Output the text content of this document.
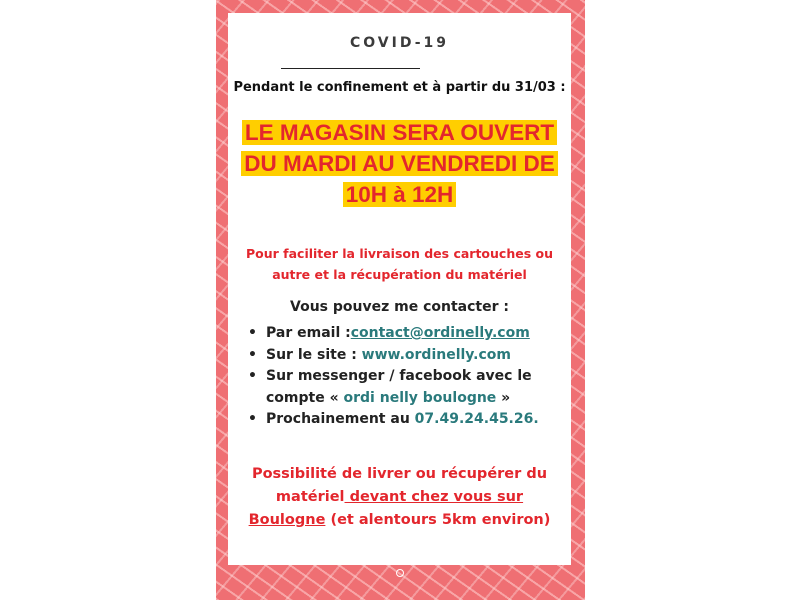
COVID-19
Pendant le confinement et à partir du 31/03 :
LE MAGASIN SERA OUVERT
DU MARDI AU VENDREDI DE
10H à 12H
Pour faciliter la livraison des cartouches ou
autre et la récupération du matériel
Vous pouvez me contacter :
• Par email :contact@ordinelly.com
• Sur le site : www.ordinelly.com
• Sur messenger / facebook avec le
compte « ordi nelly boulogne »
• Prochainement au 07.49.24.45.26.
Possibilité de livrer ou récupérer du
matériel devant chez vous sur
Boulogne (et alentours 5km environ)
